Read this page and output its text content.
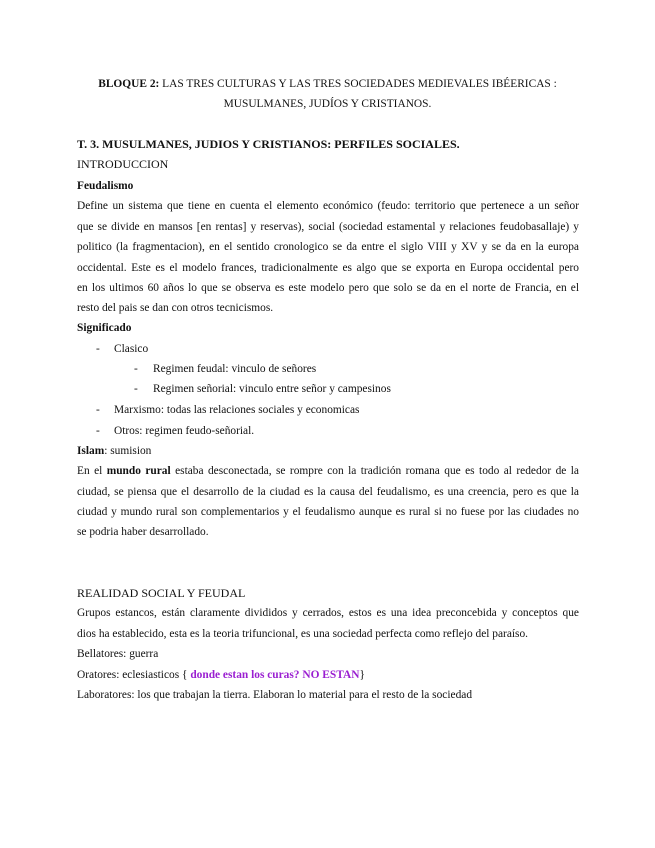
BLOQUE 2: LAS TRES CULTURAS Y LAS TRES SOCIEDADES MEDIEVALES IBÉERICAS :
MUSULMANES, JUDÍOS Y CRISTIANOS.
T. 3. MUSULMANES, JUDIOS Y CRISTIANOS: PERFILES SOCIALES.
INTRODUCCION
Feudalismo
Define un sistema que tiene en cuenta el elemento económico (feudo: territorio que pertenece a un señor
que se divide en mansos [en rentas] y reservas), social (sociedad estamental y relaciones feudobasallaje) y
politico (la fragmentacion), en el sentido cronologico se da entre el siglo VIII y XV y se da en la europa
occidental. Este es el modelo frances, tradicionalmente es algo que se exporta en Europa occidental pero
en los ultimos 60 años lo que se observa es este modelo pero que solo se da en el norte de Francia, en el
resto del pais se dan con otros tecnicismos.
Significado
- Clasico
- Regimen feudal: vinculo de señores
- Regimen señorial: vinculo entre señor y campesinos
- Marxismo: todas las relaciones sociales y economicas
- Otros: regimen feudo-señorial.
Islam: sumision
En el mundo rural estaba desconectada, se rompre con la tradición romana que es todo al rededor de la
ciudad, se piensa que el desarrollo de la ciudad es la causa del feudalismo, es una creencia, pero es que la
ciudad y mundo rural son complementarios y el feudalismo aunque es rural si no fuese por las ciudades no
se podria haber desarrollado.
REALIDAD SOCIAL Y FEUDAL
Grupos estancos, están claramente divididos y cerrados, estos es una idea preconcebida y conceptos que
dios ha establecido, esta es la teoria trifuncional, es una sociedad perfecta como reflejo del paraíso.
Bellatores: guerra
Oratores: eclesiasticos { donde estan los curas? NO ESTAN}
Laboratores: los que trabajan la tierra. Elaboran lo material para el resto de la sociedad
